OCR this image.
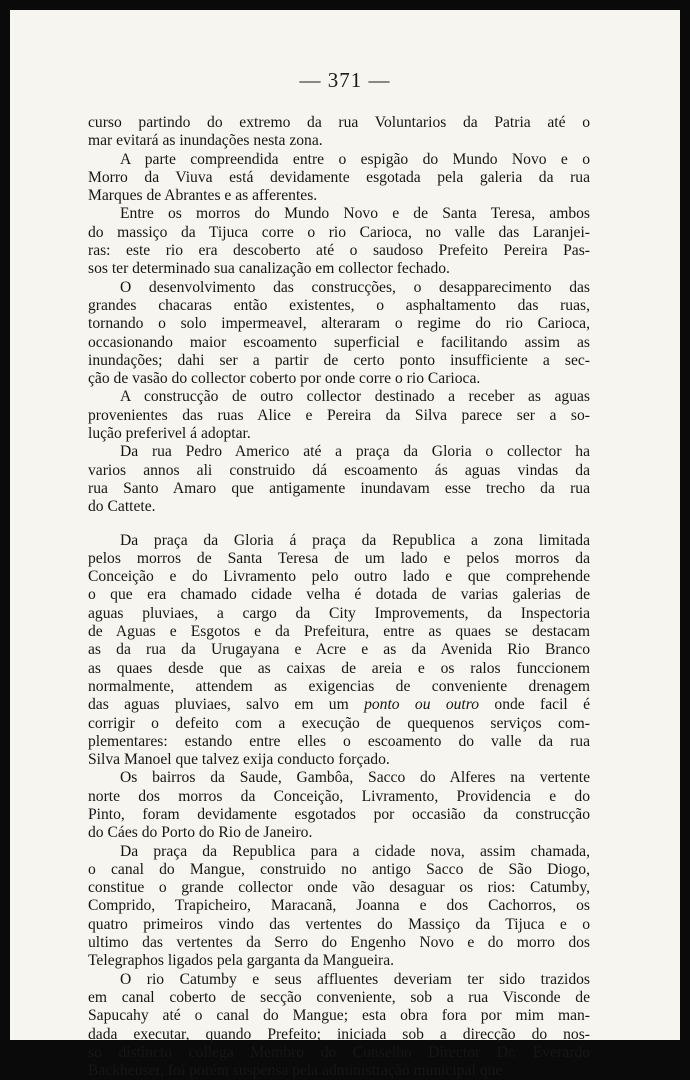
— 371 —

curso partindo do extremo da rua Voluntarios da Patria até o
mar evitará as inundações nesta zona.

A parte compreendida entre o espigão do Mundo Novo e o
Morro da Viuva está devidamente esgotada pela galeria da rua
Marques de Abrantes e as afferentes.

Entre os morros do Mundo Novo e de Santa Teresa, ambos
do massiço da Tijuca corre o rio Carioca, no valle das Laranjei-
ras: este rio era descoberto até o saudoso Prefeito Pereira Pas-
sos ter determinado sua canalização em collector fechado.

O desenvolvimento das construcções, o desapparecimento das
grandes chacaras então existentes, o asphaltamento das ruas,
tornando o solo impermeavel, alteraram o regime do rio Carioca,
occasionando maior escoamento superficial e facilitando assim as
inundações; dahi ser a partir de certo ponto insufficiente a sec-
ção de vasão do collector coberto por onde corre o rio Carioca.

A construcção de outro collector destinado a receber as aguas
provenientes das ruas Alice e Pereira da Silva parece ser a so-
lução preferivel á adoptar.

Da rua Pedro Americo até a praça da Gloria o collector ha
varios annos ali construido dá escoamento ás aguas vindas da
rua Santo Amaro que antigamente inundavam esse trecho da rua
do Cattete.

Da praça da Gloria á praça da Republica a zona limitada
pelos morros de Santa Teresa de um lado e pelos morros da
Conceição e do Livramento pelo outro lado e que comprehende
o que era chamado cidade velha é dotada de varias galerias de
aguas pluviaes, a cargo da City Improvements, da Inspectoria
de Aguas e Esgotos e da Prefeitura, entre as quaes se destacam
as da rua da Urugayana e Acre e as da Avenida Rio Branco
as quaes desde que as caixas de areia e os ralos funccionem
normalmente, attendem as exigencias de conveniente drenagem
das aguas pluviaes, salvo em um ponto ou outro onde facil é
corrigir o defeito com a execução de quequenos serviços com-
plementares: estando entre elles o escoamento do valle da rua
Silva Manoel que talvez exija conducto forçado.

Os bairros da Saude, Gambôa, Sacco do Alferes na vertente
norte dos morros da Conceição, Livramento, Providencia e do
Pinto, foram devidamente esgotados por occasião da construcção
do Cáes do Porto do Rio de Janeiro.

Da praça da Republica para a cidade nova, assim chamada,
o canal do Mangue, construido no antigo Sacco de São Diogo,
constitue o grande collector onde vão desaguar os rios: Catumby,
Comprido, Trapicheiro, Maracanã, Joanna e dos Cachorros, os
quatro primeiros vindo das vertentes do Massiço da Tijuca e o
ultimo das vertentes da Serro do Engenho Novo e do morro dos
Telegraphos ligados pela garganta da Mangueira.

O rio Catumby e seus affluentes deveriam ter sido trazidos
em canal coberto de secção conveniente, sob a rua Visconde de
Sapucahy até o canal do Mangue; esta obra fora por mim man-
dada executar, quando Prefeito; iniciada sob a direcção do nos-
so distincto collega Membro do Conselho Director Dr. Everardo
Backheuser, foi porém suspensa pela administração municipal que
